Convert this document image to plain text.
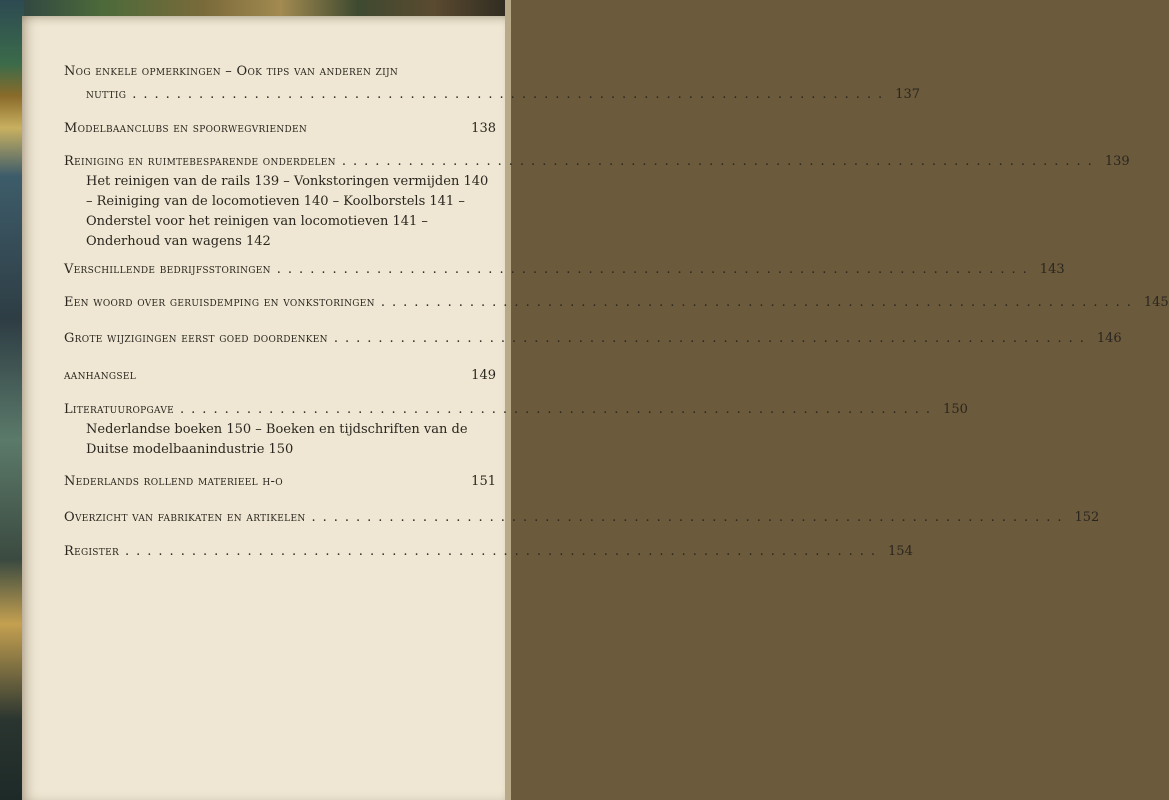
Nog enkele opmerkingen – Ook tips van anderen zijn
nuttig .................................................................... 137
Modelbaanclubs en spoorwegvrienden	138
Reiniging en ruimtebesparende onderdelen .................................................................... 139
Het reinigen van de rails 139 – Vonkstoringen vermijden 140 – Reiniging van de locomotieven 140 – Koolborstels 141 – Onderstel voor het reinigen van locomotieven 141 – Onderhoud van wagens 142
Verschillende bedrijfsstoringen .................................................................... 143
Een woord over geruisdemping en vonkstoringen .................................................................... 145
Grote wijzigingen eerst goed doordenken .................................................................... 146
aanhangsel	149
Literatuuropgave .................................................................... 150
Nederlandse boeken 150 – Boeken en tijdschriften van de Duitse modelbaanindustrie 150
Nederlands rollend materieel h-o	151
Overzicht van fabrikaten en artikelen .................................................................... 152
Register .................................................................... 154
